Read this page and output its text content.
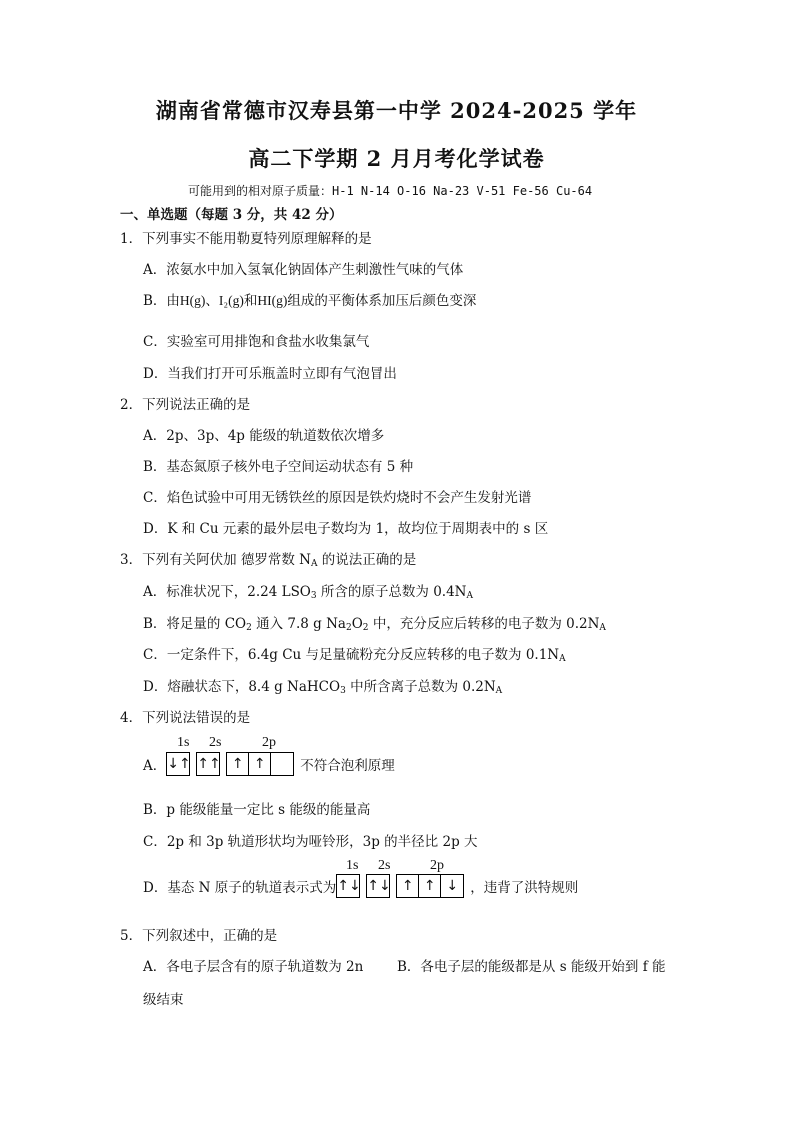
湖南省常德市汉寿县第一中学 2024-2025 学年
高二下学期 2 月月考化学试卷
可能用到的相对原子质量：H-1 N-14 O-16 Na-23 V-51 Fe-56 Cu-64
一、单选题（每题 3 分，共 42 分）
1．下列事实不能用勒夏特列原理解释的是
A．浓氨水中加入氢氧化钠固体产生刺激性气味的气体
B．由H(g)、I₂(g)和HI(g)组成的平衡体系加压后颜色变深
C．实验室可用排饱和食盐水收集氯气
D．当我们打开可乐瓶盖时立即有气泡冒出
2．下列说法正确的是
A．2p、3p、4p 能级的轨道数依次增多
B．基态氮原子核外电子空间运动状态有 5 种
C．焰色试验中可用无锈铁丝的原因是铁灼烧时不会产生发射光谱
D．K 和 Cu 元素的最外层电子数均为 1，故均位于周期表中的 s 区
3．下列有关阿伏加 德罗常数 $N_A$ 的说法正确的是
A．标准状况下，2.24 $LSO_3$ 所含的原子总数为 $0.4N_A$
B．将足量的 $CO_2$ 通入 7.8 g $Na_2O_2$ 中，充分反应后转移的电子数为 $0.2N_A$
C．一定条件下，6.4g Cu 与足量硫粉充分反应转移的电子数为 $0.1N_A$
D．熔融状态下，8.4 g NaHCO$_3$ 中所含离子总数为 $0.2N_A$
4．下列说法错误的是
1s 2s	2p
A．↓↑ ↑↑ ↑ ↑	不符合泡利原理
B．p 能级能量一定比 s 能级的能量高
C．2p 和 3p 轨道形状均为哑铃形，3p 的半径比 2p 大
1s 2s	2p
D．基态 N 原子的轨道表示式为↑↓ ↑↓ ↑ ↑ ↓ ，违背了洪特规则
5．下列叙述中，正确的是
A．各电子层含有的原子轨道数为 2n B．各电子层的能级都是从 s 能级开始到 f 能
级结束
